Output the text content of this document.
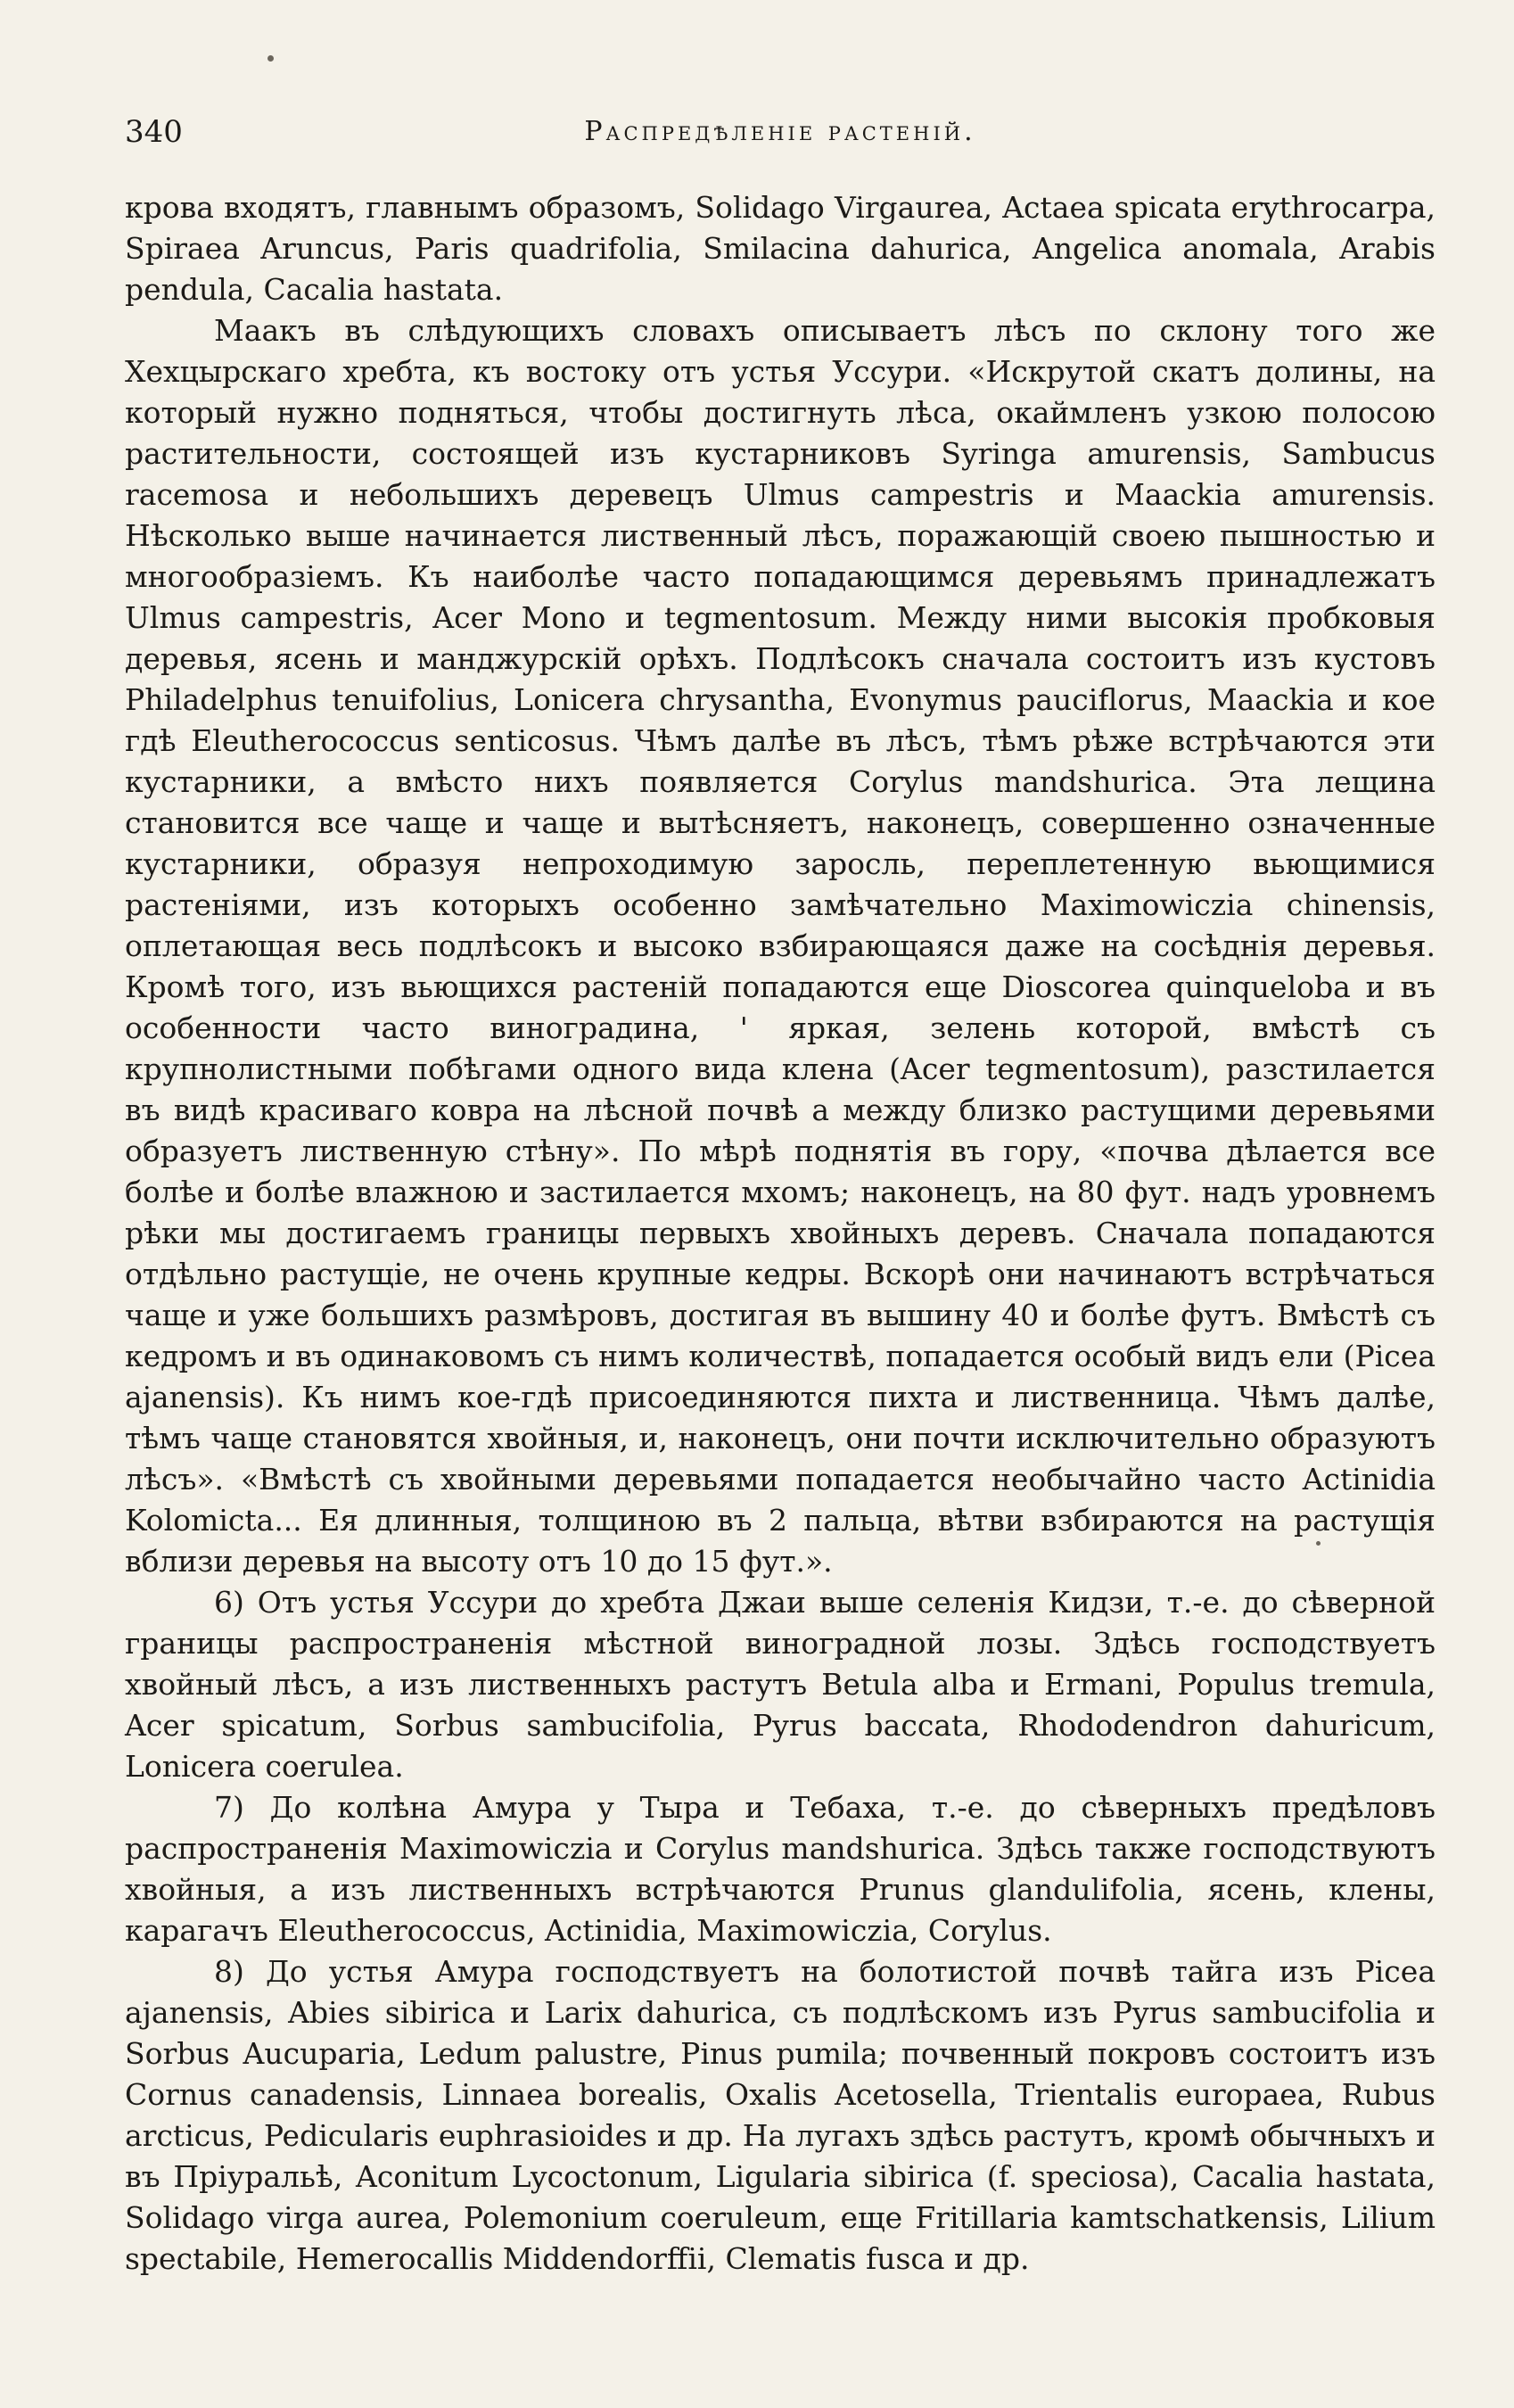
340	Распредѣленіе растеній.

крова входятъ, главнымъ образомъ, Solidago Virgaurea, Actaea spicata erythrocarpa, Spiraea Aruncus, Paris quadrifolia, Smilacina dahurica, Angelica anomala, Arabis pendula, Cacalia hastata.

Маакъ въ слѣдующихъ словахъ описываетъ лѣсъ по склону того же Хехцырскаго хребта, къ востоку отъ устья Уссури. «Искрутой скатъ долины, на который нужно подняться, чтобы достигнуть лѣса, окаймленъ узкою полосою растительности, состоящей изъ кустарниковъ Syringa amurensis, Sambucus racemosa и небольшихъ деревецъ Ulmus campestris и Maackia amurensis. Нѣсколько выше начинается лиственный лѣсъ, поражающій своею пышностью и многообразіемъ. Къ наиболѣе часто попадающимся деревьямъ принадлежатъ Ulmus campestris, Acer Mono и tegmentosum. Между ними высокія пробковыя деревья, ясень и манджурскій орѣхъ. Подлѣсокъ сначала состоитъ изъ кустовъ Philadelphus tenuifolius, Lonicera chrysantha, Evonymus pauciflorus, Maackia и кое гдѣ Eleutherococcus senticosus. Чѣмъ далѣе въ лѣсъ, тѣмъ рѣже встрѣчаются эти кустарники, а вмѣсто нихъ появляется Corylus mandshurica. Эта лещина становится все чаще и чаще и вытѣсняетъ, наконецъ, совершенно означенные кустарники, образуя непроходимую заросль, переплетенную вьющимися растеніями, изъ которыхъ особенно замѣчательно Maximowiczia chinensis, оплетающая весь подлѣсокъ и высоко взбирающаяся даже на сосѣднія деревья. Кромѣ того, изъ вьющихся растеній попадаются еще Dioscorea quinqueloba и въ особенности часто виноградина, ' яркая, зелень которой, вмѣстѣ съ крупнолистными побѣгами одного вида клена (Acer tegmentosum), разстилается въ видѣ красиваго ковра на лѣсной почвѣ а между близко растущими деревьями образуетъ лиственную стѣну». По мѣрѣ поднятія въ гору, «почва дѣлается все болѣе и болѣе влажною и застилается мхомъ; наконецъ, на 80 фут. надъ уровнемъ рѣки мы достигаемъ границы первыхъ хвойныхъ деревъ. Сначала попадаются отдѣльно растущіе, не очень крупные кедры. Вскорѣ они начинаютъ встрѣчаться чаще и уже большихъ размѣровъ, достигая въ вышину 40 и болѣе футъ. Вмѣстѣ съ кедромъ и въ одинаковомъ съ нимъ количествѣ, попадается особый видъ ели (Picea ajanensis). Къ нимъ кое-гдѣ присоединяются пихта и лиственница. Чѣмъ далѣе, тѣмъ чаще становятся хвойныя, и, наконецъ, они почти исключительно образуютъ лѣсъ». «Вмѣстѣ съ хвойными деревьями попадается необычайно часто Actinidia Kolomicta... Ея длинныя, толщиною въ 2 пальца, вѣтви взбираются на растущія вблизи деревья на высоту отъ 10 до 15 фут.».

6) Отъ устья Уссури до хребта Джаи выше селенія Кидзи, т.-е. до сѣверной границы распространенія мѣстной виноградной лозы. Здѣсь господствуетъ хвойный лѣсъ, а изъ лиственныхъ растутъ Betula alba и Ermani, Populus tremula, Acer spicatum, Sorbus sambucifolia, Pyrus baccata, Rhododendron dahuricum, Lonicera coerulea.

7) До колѣна Амура у Тыра и Тебаха, т.-е. до сѣверныхъ предѣловъ распространенія Maximowiczia и Corylus mandshurica. Здѣсь также господствуютъ хвойныя, а изъ лиственныхъ встрѣчаются Prunus glandulifolia, ясень, клены, карагачъ Eleutherococcus, Actinidia, Maximowiczia, Corylus.

8) До устья Амура господствуетъ на болотистой почвѣ тайга изъ Picea ajanensis, Abies sibirica и Larix dahurica, съ подлѣскомъ изъ Pyrus sambucifolia и Sorbus Aucuparia, Ledum palustre, Pinus pumila; почвенный покровъ состоитъ изъ Cornus canadensis, Linnaea borealis, Oxalis Acetosella, Trientalis europaea, Rubus arcticus, Pedicularis euphrasioides и др. На лугахъ здѣсь растутъ, кромѣ обычныхъ и въ Пріуральѣ, Aconitum Lycoctonum, Ligularia sibirica (f. speciosa), Cacalia hastata, Solidago virga aurea, Polemonium coeruleum, еще Fritillaria kamtschatkensis, Lilium spectabile, Hemerocallis Middendorffii, Clematis fusca и др.
